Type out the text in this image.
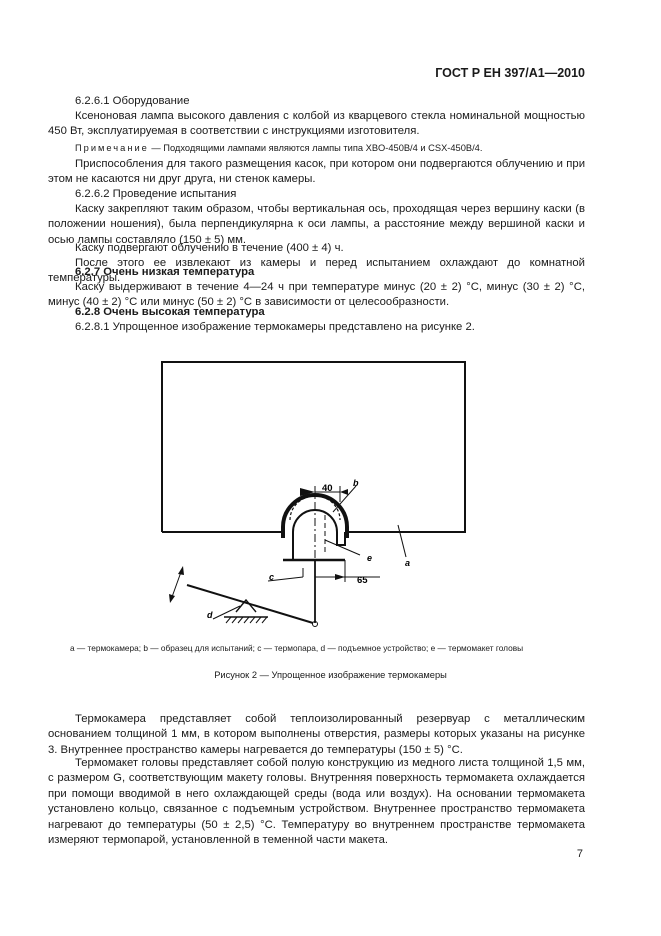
ГОСТ Р ЕН 397/А1—2010
6.2.6.1 Оборудование
Ксеноновая лампа высокого давления с колбой из кварцевого стекла номинальной мощностью 450 Вт, эксплуатируемая в соответствии с инструкциями изготовителя.
Примечание — Подходящими лампами являются лампы типа XBO-450B/4 и CSX-450B/4.
Приспособления для такого размещения касок, при котором они подвергаются облучению и при этом не касаются ни друг друга, ни стенок камеры.
6.2.6.2 Проведение испытания
Каску закрепляют таким образом, чтобы вертикальная ось, проходящая через вершину каски (в положении ношения), была перпендикулярна к оси лампы, а расстояние между вершиной каски и осью лампы составляло (150 ± 5) мм.
Каску подвергают облучению в течение (400 ± 4) ч.
После этого ее извлекают из камеры и перед испытанием охлаждают до комнатной температуры.
6.2.7 Очень низкая температура
Каску выдерживают в течение 4—24 ч при температуре минус (20 ± 2) °С, минус (30 ± 2) °С, минус (40 ± 2) °С или минус (50 ± 2) °С в зависимости от целесообразности.
6.2.8 Очень высокая температура
6.2.8.1 Упрощенное изображение термокамеры представлено на рисунке 2.
40
65
b
a
e
c
d
a — термокамера; b — образец для испытаний; c — термопара, d — подъемное устройство; e — термомакет головы
Рисунок 2 — Упрощенное изображение термокамеры
Термокамера представляет собой теплоизолированный резервуар с металлическим основанием толщиной 1 мм, в котором выполнены отверстия, размеры которых указаны на рисунке 3. Внутреннее пространство камеры нагревается до температуры (150 ± 5) °С.
Термомакет головы представляет собой полую конструкцию из медного листа толщиной 1,5 мм, с размером G, соответствующим макету головы. Внутренняя поверхность термомакета охлаждается при помощи вводимой в него охлаждающей среды (вода или воздух). На основании термомакета установлено кольцо, связанное с подъемным устройством. Внутреннее пространство термомакета нагревают до температуры (50 ± 2,5) °С. Температуру во внутреннем пространстве термомакета измеряют термопарой, установленной в теменной части макета.
7
